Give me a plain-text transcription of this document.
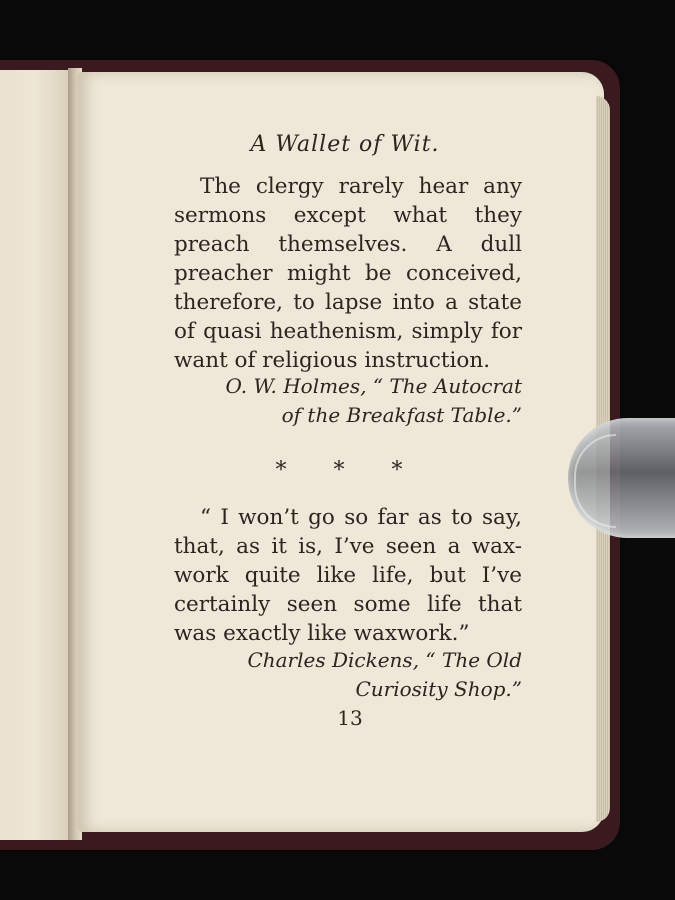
A Wallet of Wit.

The clergy rarely hear any
sermons except what they
preach themselves. A dull
preacher might be conceived,
therefore, to lapse into a state
of quasi heathenism, simply for
want of religious instruction.

O. W. Holmes, “ The Autocrat
of the Breakfast Table.”

* * *

“ I won’t go so far as to say,
that, as it is, I’ve seen a wax-
work quite like life, but I’ve
certainly seen some life that
was exactly like waxwork.”

Charles Dickens, “ The Old
Curiosity Shop.”

13
